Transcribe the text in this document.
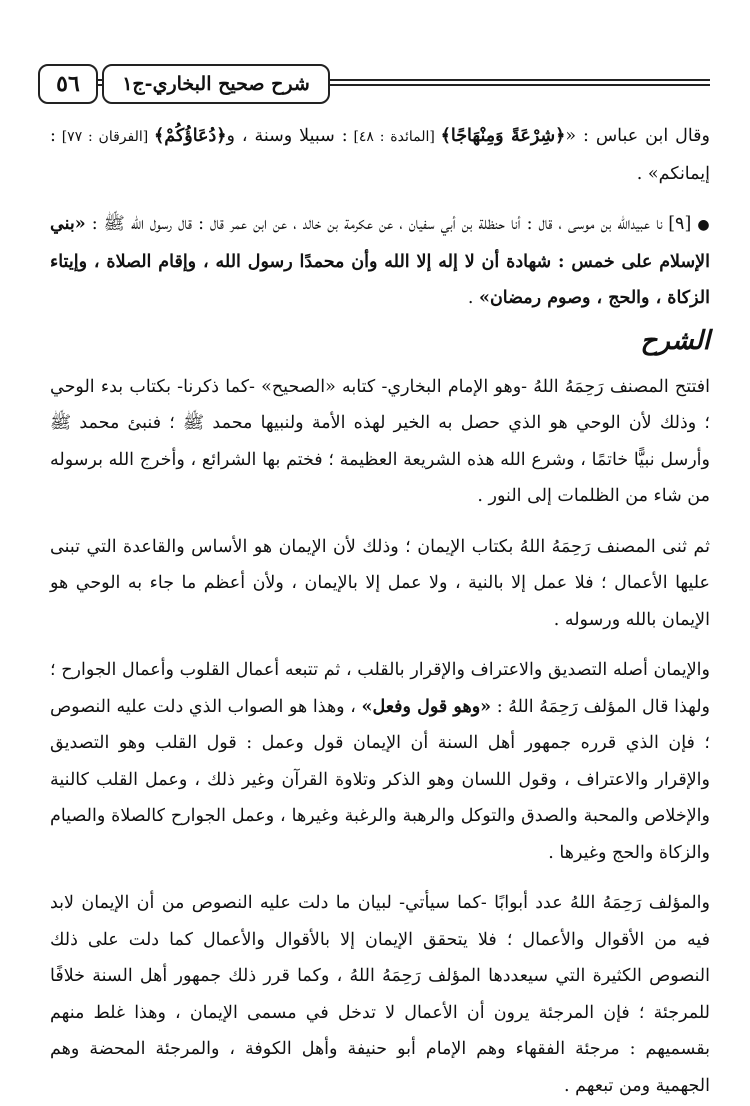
٥٦	شرح صحيح البخاري-ج١

وقال ابن عباس : «﴿شِرْعَةً وَمِنْهَاجًا﴾ [المائدة : ٤٨] : سبيلا وسنة ، و﴿دُعَاؤُكُمْ﴾ [الفرقان : ٧٧] : إيمانكم» .

● [٩] نا عبيدالله بن موسى ، قال : أنا حنظلة بن أبي سفيان ، عن عكرمة بن خالد ، عن ابن عمر قال : قال رسول الله ﷺ : «بني الإسلام على خمس : شهادة أن لا إله إلا الله وأن محمدًا رسول الله ، وإقام الصلاة ، وإيتاء الزكاة ، والحج ، وصوم رمضان» .

الشرح

افتتح المصنف رَحِمَهُ اللهُ -وهو الإمام البخاري- كتابه «الصحيح» -كما ذكرنا- بكتاب بدء الوحي ؛ وذلك لأن الوحي هو الذي حصل به الخير لهذه الأمة ولنبيها محمد ﷺ ؛ فنبئ محمد ﷺ وأرسل نبيًّا خاتمًا ، وشرع الله هذه الشريعة العظيمة ؛ فختم بها الشرائع ، وأخرج الله برسوله من شاء من الظلمات إلى النور .

ثم ثنى المصنف رَحِمَهُ اللهُ بكتاب الإيمان ؛ وذلك لأن الإيمان هو الأساس والقاعدة التي تبنى عليها الأعمال ؛ فلا عمل إلا بالنية ، ولا عمل إلا بالإيمان ، ولأن أعظم ما جاء به الوحي هو الإيمان بالله ورسوله .

والإيمان أصله التصديق والاعتراف والإقرار بالقلب ، ثم تتبعه أعمال القلوب وأعمال الجوارح ؛ ولهذا قال المؤلف رَحِمَهُ اللهُ : «وهو قول وفعل» ، وهذا هو الصواب الذي دلت عليه النصوص ؛ فإن الذي قرره جمهور أهل السنة أن الإيمان قول وعمل : قول القلب وهو التصديق والإقرار والاعتراف ، وقول اللسان وهو الذكر وتلاوة القرآن وغير ذلك ، وعمل القلب كالنية والإخلاص والمحبة والصدق والتوكل والرهبة والرغبة وغيرها ، وعمل الجوارح كالصلاة والصيام والزكاة والحج وغيرها .

والمؤلف رَحِمَهُ اللهُ عدد أبوابًا -كما سيأتي- لبيان ما دلت عليه النصوص من أن الإيمان لابد فيه من الأقوال والأعمال ؛ فلا يتحقق الإيمان إلا بالأقوال والأعمال كما دلت على ذلك النصوص الكثيرة التي سيعددها المؤلف رَحِمَهُ اللهُ ، وكما قرر ذلك جمهور أهل السنة خلافًا للمرجئة ؛ فإن المرجئة يرون أن الأعمال لا تدخل في مسمى الإيمان ، وهذا غلط منهم بقسميهم : مرجئة الفقهاء وهم الإمام أبو حنيفة وأهل الكوفة ، والمرجئة المحضة وهم الجهمية ومن تبعهم .
